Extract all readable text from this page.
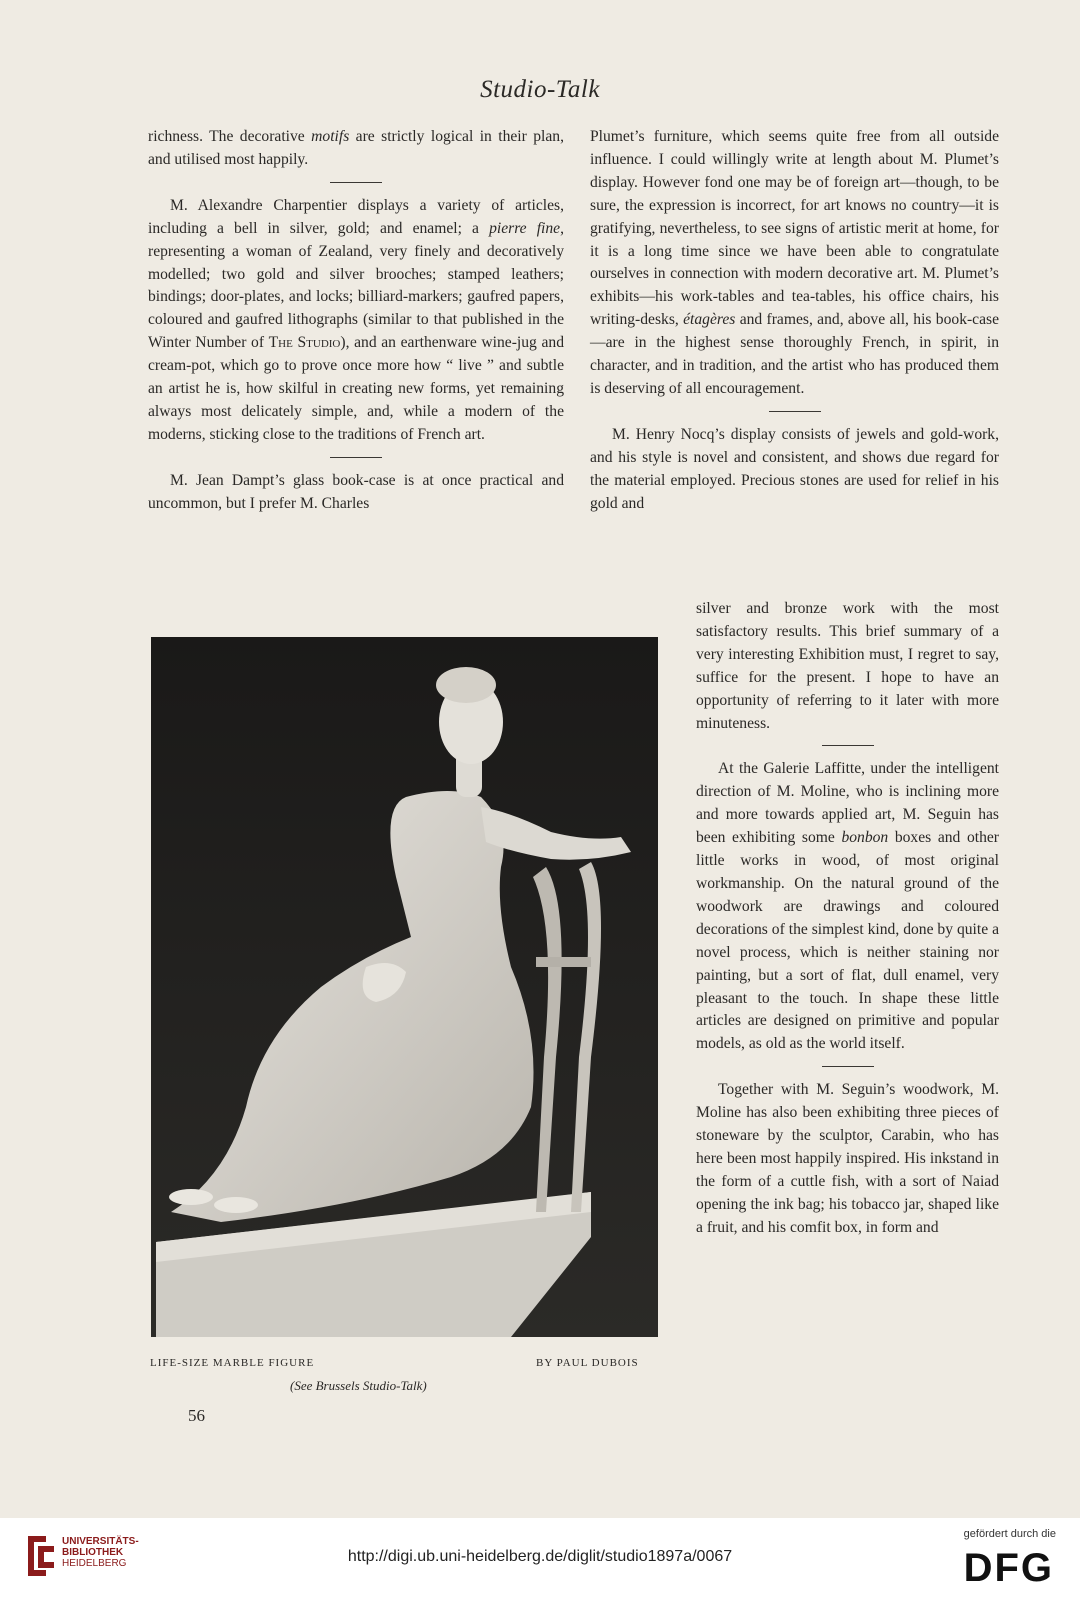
Studio-Talk

richness. The decorative motifs are strictly logical in their plan, and utilised most happily.

M. Alexandre Charpentier displays a variety of articles, including a bell in silver, gold; and enamel; a pierre fine, representing a woman of Zealand, very finely and decoratively modelled; two gold and silver brooches; stamped leathers; bindings; door-plates, and locks; billiard-markers; gaufred papers, coloured and gaufred lithographs (similar to that published in the Winter Number of The Studio), and an earthenware wine-jug and cream-pot, which go to prove once more how “ live ” and subtle an artist he is, how skilful in creating new forms, yet remaining always most delicately simple, and, while a modern of the moderns, sticking close to the traditions of French art.

M. Jean Dampt’s glass book-case is at once practical and uncommon, but I prefer M. Charles

Plumet’s furniture, which seems quite free from all outside influence. I could willingly write at length about M. Plumet’s display. However fond one may be of foreign art—though, to be sure, the expression is incorrect, for art knows no country—it is gratifying, nevertheless, to see signs of artistic merit at home, for it is a long time since we have been able to congratulate ourselves in connection with modern decorative art. M. Plumet’s exhibits—his work-tables and tea-tables, his office chairs, his writing-desks, étagères and frames, and, above all, his book-case—are in the highest sense thoroughly French, in spirit, in character, and in tradition, and the artist who has produced them is deserving of all encouragement.

M. Henry Nocq’s display consists of jewels and gold-work, and his style is novel and consistent, and shows due regard for the material employed. Precious stones are used for relief in his gold and

silver and bronze work with the most satisfactory results. This brief summary of a very interesting Exhibition must, I regret to say, suffice for the present. I hope to have an opportunity of referring to it later with more minuteness.

At the Galerie Laffitte, under the intelligent direction of M. Moline, who is inclining more and more towards applied art, M. Seguin has been exhibiting some bonbon boxes and other little works in wood, of most original workmanship. On the natural ground of the woodwork are drawings and coloured decorations of the simplest kind, done by quite a novel process, which is neither staining nor painting, but a sort of flat, dull enamel, very pleasant to the touch. In shape these little articles are designed on primitive and popular models, as old as the world itself.

Together with M. Seguin’s woodwork, M. Moline has also been exhibiting three pieces of stoneware by the sculptor, Carabin, who has here been most happily inspired. His inkstand in the form of a cuttle fish, with a sort of Naiad opening the ink bag; his tobacco jar, shaped like a fruit, and his comfit box, in form and

LIFE-SIZE MARBLE FIGURE	BY PAUL DUBOIS
(See Brussels Studio-Talk)
56
UNIVERSITÄTS-
BIBLIOTHEK
HEIDELBERG	http://digi.ub.uni-heidelberg.de/diglit/studio1897a/0067
gefördert durch die
DFG
